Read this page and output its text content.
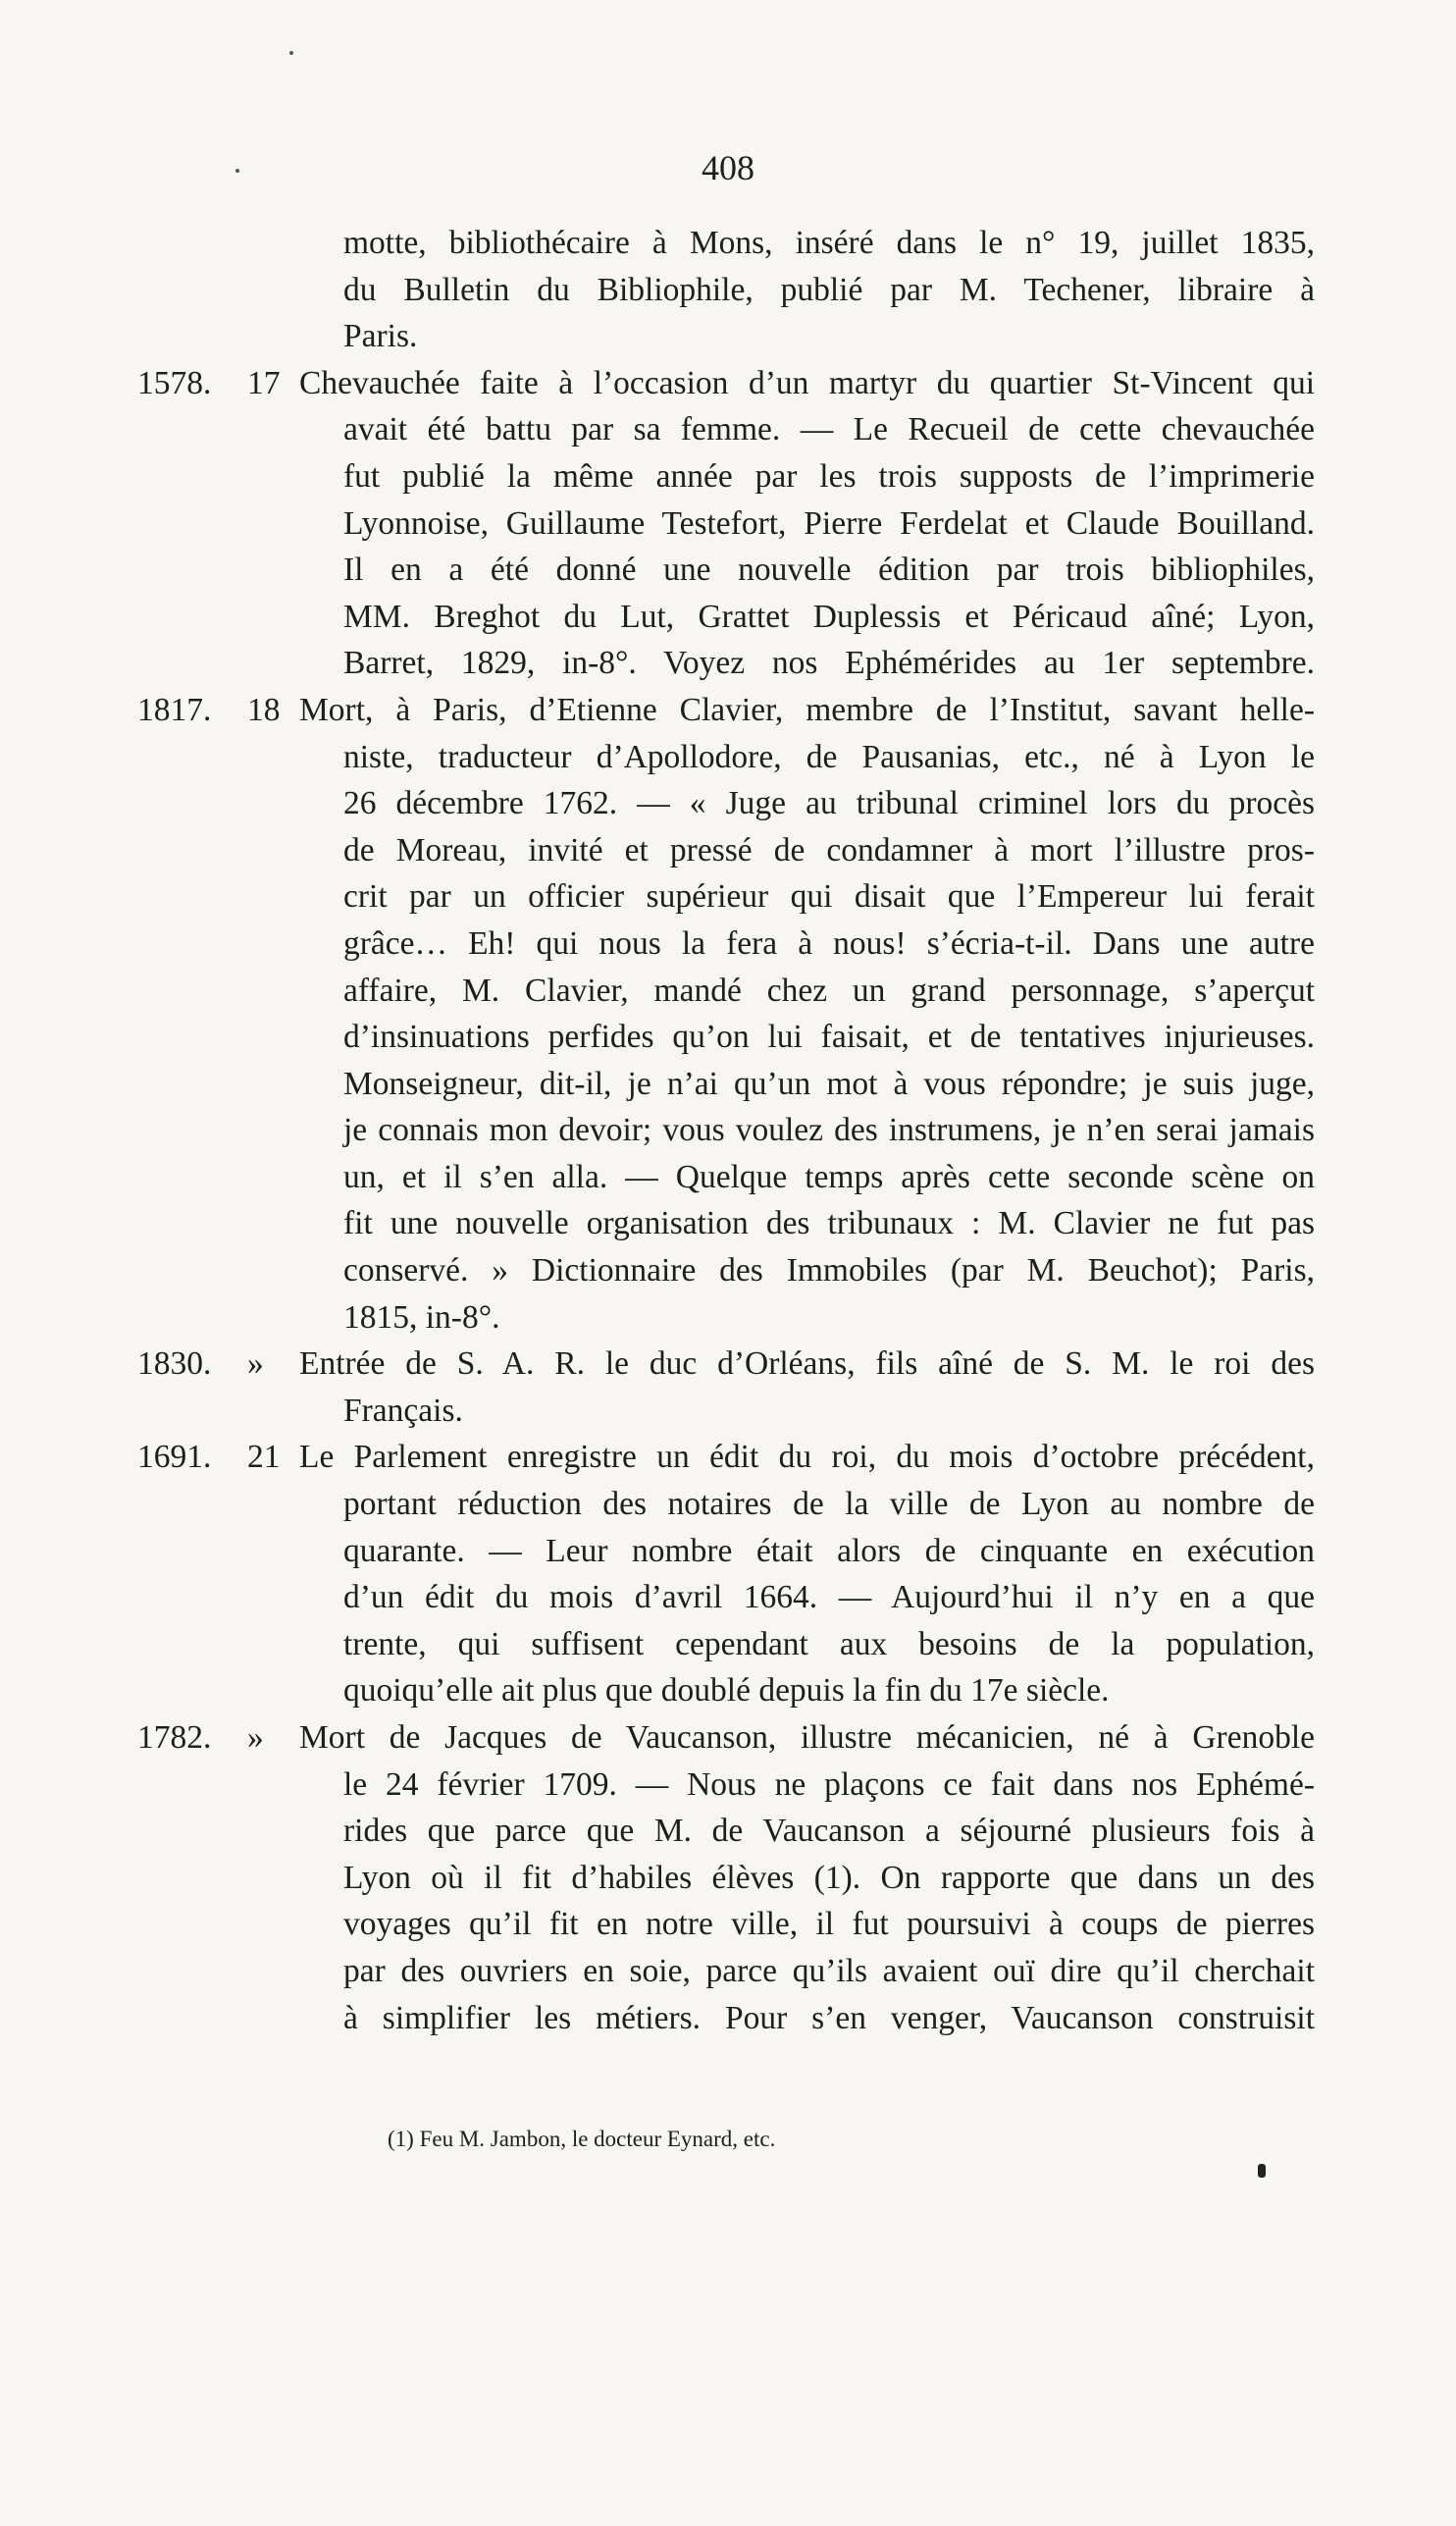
408
motte, bibliothécaire à Mons, inséré dans le n° 19, juillet 1835,
du Bulletin du Bibliophile, publié par M. Techener, libraire à
Paris.
1578. 17 Chevauchée faite à l’occasion d’un martyr du quartier St-Vincent qui
avait été battu par sa femme. — Le Recueil de cette chevauchée
fut publié la même année par les trois supposts de l’imprimerie
Lyonnoise, Guillaume Testefort, Pierre Ferdelat et Claude Bouilland.
Il en a été donné une nouvelle édition par trois bibliophiles,
MM. Breghot du Lut, Grattet Duplessis et Péricaud aîné; Lyon,
Barret, 1829, in-8°. Voyez nos Ephémérides au 1er septembre.
1817. 18 Mort, à Paris, d’Etienne Clavier, membre de l’Institut, savant helle-
niste, traducteur d’Apollodore, de Pausanias, etc., né à Lyon le
26 décembre 1762. — « Juge au tribunal criminel lors du procès
de Moreau, invité et pressé de condamner à mort l’illustre pros-
crit par un officier supérieur qui disait que l’Empereur lui ferait
grâce… Eh! qui nous la fera à nous! s’écria-t-il. Dans une autre
affaire, M. Clavier, mandé chez un grand personnage, s’aperçut
d’insinuations perfides qu’on lui faisait, et de tentatives injurieuses.
Monseigneur, dit-il, je n’ai qu’un mot à vous répondre; je suis juge,
je connais mon devoir; vous voulez des instrumens, je n’en serai jamais
un, et il s’en alla. — Quelque temps après cette seconde scène on
fit une nouvelle organisation des tribunaux : M. Clavier ne fut pas
conservé. » Dictionnaire des Immobiles (par M. Beuchot); Paris,
1815, in-8°.
1830. »	Entrée de S. A. R. le duc d’Orléans, fils aîné de S. M. le roi des
Français.
1691. 21 Le Parlement enregistre un édit du roi, du mois d’octobre précédent,
portant réduction des notaires de la ville de Lyon au nombre de
quarante. — Leur nombre était alors de cinquante en exécution
d’un édit du mois d’avril 1664. — Aujourd’hui il n’y en a que
trente, qui suffisent cependant aux besoins de la population,
quoiqu’elle ait plus que doublé depuis la fin du 17e siècle.
1782. »	Mort de Jacques de Vaucanson, illustre mécanicien, né à Grenoble
le 24 février 1709. — Nous ne plaçons ce fait dans nos Ephémé-
rides que parce que M. de Vaucanson a séjourné plusieurs fois à
Lyon où il fit d’habiles élèves (1). On rapporte que dans un des
voyages qu’il fit en notre ville, il fut poursuivi à coups de pierres
par des ouvriers en soie, parce qu’ils avaient ouï dire qu’il cherchait
à simplifier les métiers. Pour s’en venger, Vaucanson construisit
(1) Feu M. Jambon, le docteur Eynard, etc.
